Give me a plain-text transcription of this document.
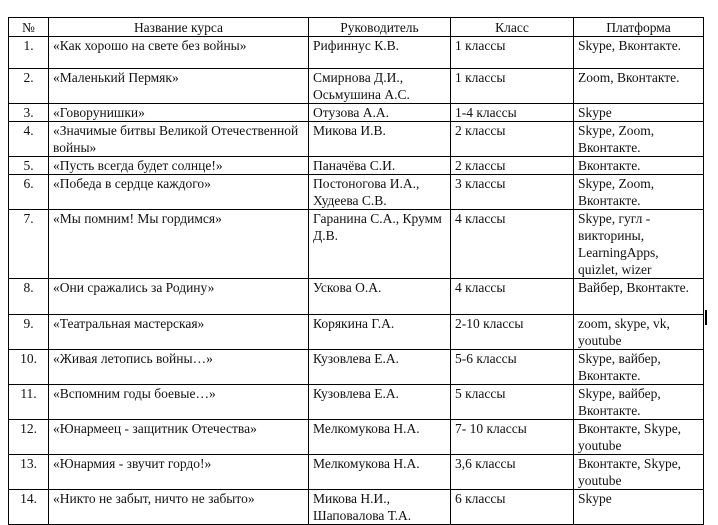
№	Название курса	Руководитель	Класс	Платформа
1.	«Как хорошо на свете без войны»	Рифиннус К.В.	1 классы	Skype, Вконтакте.
2.	«Маленький Пермяк»	Смирнова Д.И., Осьмушина А.С.	1 классы	Zoom, Вконтакте.
3.	«Говорунишки»	Отузова А.А.	1-4 классы	Skype
4.	«Значимые битвы Великой Отечественной войны»	Микова И.В.	2 классы	Skype, Zoom, Вконтакте.
5.	«Пусть всегда будет солнце!»	Паначёва С.И.	2 классы	Вконтакте.
6.	«Победа в сердце каждого»	Постоногова И.А., Худеева С.В.	3 классы	Skype, Zoom, Вконтакте.
7.	«Мы помним! Мы гордимся»	Гаранина С.А., Крумм Д.В.	4 классы	Skype, гугл - викторины, LearningApps, quizlet, wizer
8.	«Они сражались за Родину»	Ускова О.А.	4 классы	Вайбер, Вконтакте.
9.	«Театральная мастерская»	Корякина Г.А.	2-10 классы	zoom, skype, vk, youtube
10.	«Живая летопись войны…»	Кузовлева Е.А.	5-6 классы	Skype, вайбер, Вконтакте.
11.	«Вспомним годы боевые…»	Кузовлева Е.А.	5 классы	Skype, вайбер, Вконтакте.
12.	«Юнармеец - защитник Отечества»	Мелкомукова Н.А.	7- 10 классы	Вконтакте, Skype, youtube
13.	«Юнармия - звучит гордо!»	Мелкомукова Н.А.	3,6 классы	Вконтакте, Skype, youtube
14.	«Никто не забыт, ничто не забыто»	Микова Н.И., Шаповалова Т.А.	6 классы	Skype
